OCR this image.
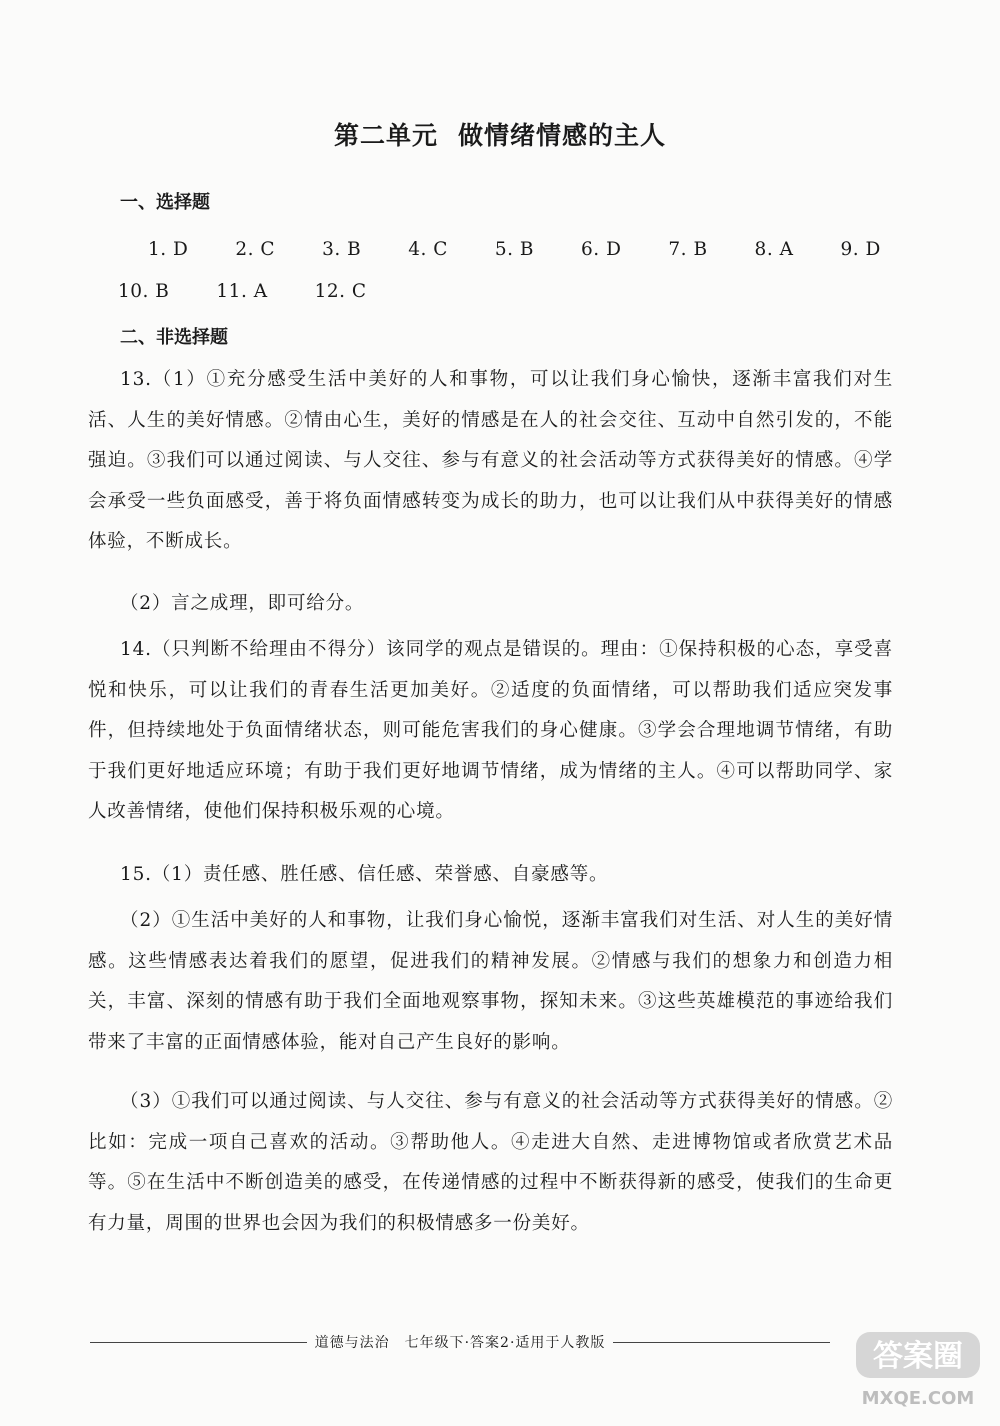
第二单元 做情绪情感的主人
一、选择题
1. D	2. C	3. B	4. C	5. B	6. D	7. B	8. A	9. D10. B	11. A	12. C
二、非选择题
13.（1）①充分感受生活中美好的人和事物，可以让我们身心愉快，逐渐丰富我们对生活、人生的美好情感。②情由心生，美好的情感是在人的社会交往、互动中自然引发的，不能强迫。③我们可以通过阅读、与人交往、参与有意义的社会活动等方式获得美好的情感。④学会承受一些负面感受，善于将负面情感转变为成长的助力，也可以让我们从中获得美好的情感体验，不断成长。
（2）言之成理，即可给分。
14.（只判断不给理由不得分）该同学的观点是错误的。理由：①保持积极的心态，享受喜悦和快乐，可以让我们的青春生活更加美好。②适度的负面情绪，可以帮助我们适应突发事件，但持续地处于负面情绪状态，则可能危害我们的身心健康。③学会合理地调节情绪，有助于我们更好地适应环境；有助于我们更好地调节情绪，成为情绪的主人。④可以帮助同学、家人改善情绪，使他们保持积极乐观的心境。
15.（1）责任感、胜任感、信任感、荣誉感、自豪感等。
（2）①生活中美好的人和事物，让我们身心愉悦，逐渐丰富我们对生活、对人生的美好情感。这些情感表达着我们的愿望，促进我们的精神发展。②情感与我们的想象力和创造力相关，丰富、深刻的情感有助于我们全面地观察事物，探知未来。③这些英雄模范的事迹给我们带来了丰富的正面情感体验，能对自己产生良好的影响。
（3）①我们可以通过阅读、与人交往、参与有意义的社会活动等方式获得美好的情感。②比如：完成一项自己喜欢的活动。③帮助他人。④走进大自然、走进博物馆或者欣赏艺术品等。⑤在生活中不断创造美的感受，在传递情感的过程中不断获得新的感受，使我们的生命更有力量，周围的世界也会因为我们的积极情感多一份美好。
道德与法治　七年级下·答案2·适用于人教版	答案圈
MXQE.COM
